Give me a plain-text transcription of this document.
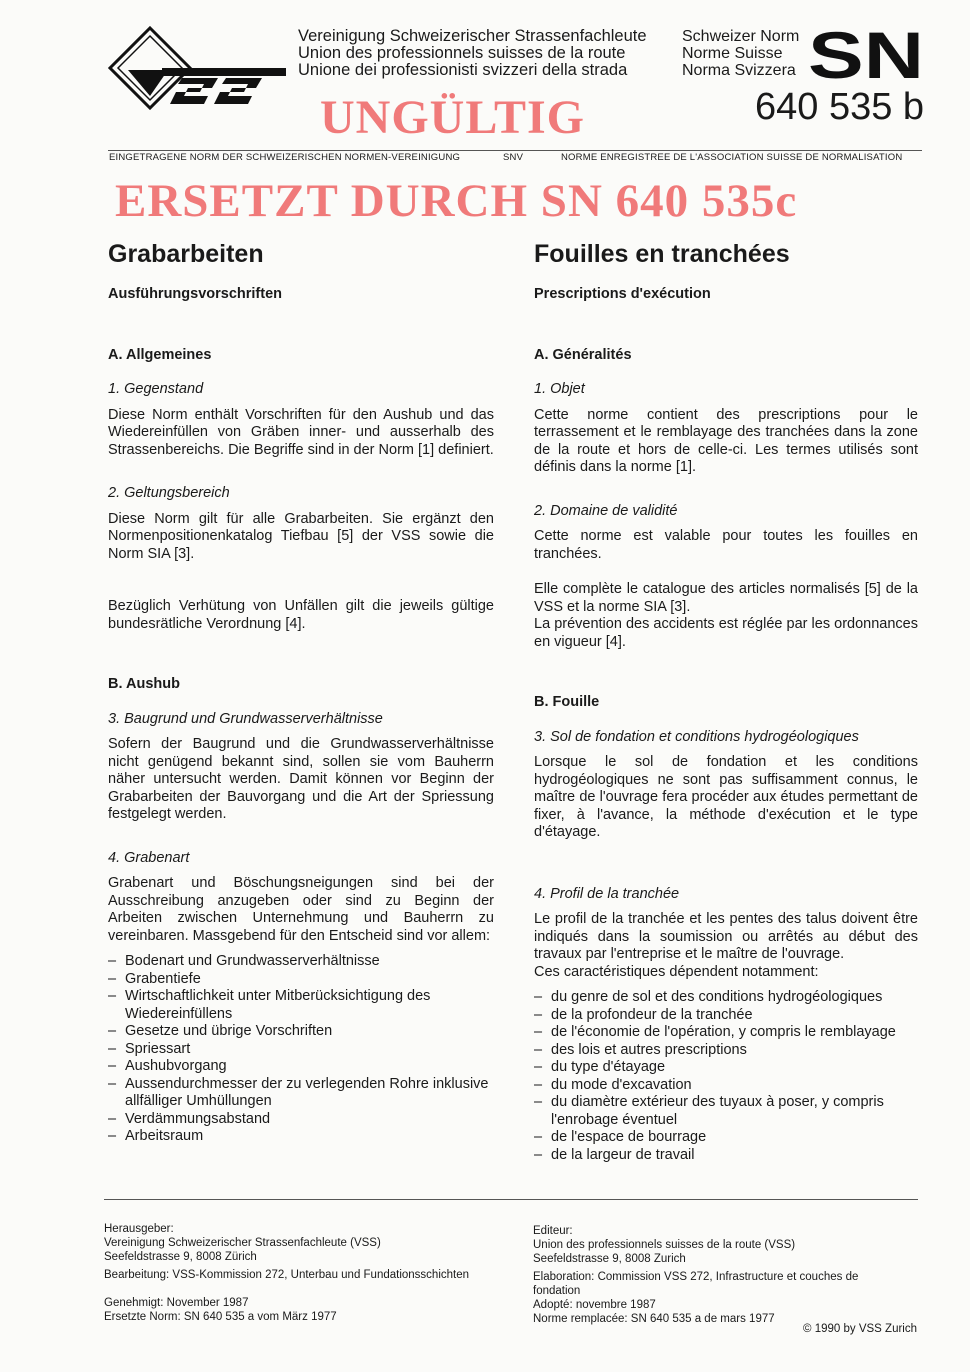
Vereinigung Schweizerischer Strassenfachleute
Union des professionnels suisses de la route
Unione dei professionisti svizzeri della strada
Schweizer Norm
Norme Suisse
Norma Svizzera SN
UNGÜLTIG	640 535 b
EINGETRAGENE NORM DER SCHWEIZERISCHEN NORMEN-VEREINIGUNG	SNV	NORME ENREGISTREE DE L'ASSOCIATION SUISSE DE NORMALISATION
ERSETZT DURCH SN 640 535c
Grabarbeiten
Ausführungsvorschriften
A. Allgemeines
1. Gegenstand

Diese Norm enthält Vorschriften für den Aushub und das Wiedereinfüllen von Gräben inner- und ausserhalb des Strassenbereichs. Die Begriffe sind in der Norm [1] definiert.

2. Geltungsbereich

Diese Norm gilt für alle Grabarbeiten. Sie ergänzt den Normenpositionenkatalog Tiefbau [5] der VSS sowie die Norm SIA [3].

Bezüglich Verhütung von Unfällen gilt die jeweils gültige bundesrätliche Verordnung [4].

B. Aushub
3. Baugrund und Grundwasserverhältnisse

Sofern der Baugrund und die Grundwasserverhältnisse nicht genügend bekannt sind, sollen sie vom Bauherrn näher untersucht werden. Damit können vor Beginn der Grabarbeiten der Bauvorgang und die Art der Spriessung festgelegt werden.

4. Grabenart

Grabenart und Böschungsneigungen sind bei der Ausschreibung anzugeben oder sind zu Beginn der Arbeiten zwischen Unternehmung und Bauherrn zu vereinbaren. Massgebend für den Entscheid sind vor allem:

– Bodenart und Grundwasserverhältnisse
– Grabentiefe
– Wirtschaftlichkeit unter Mitberücksichtigung des Wiedereinfüllens
– Gesetze und übrige Vorschriften
– Spriessart
– Aushubvorgang
– Aussendurchmesser der zu verlegenden Rohre inklusive allfälliger Umhüllungen
– Verdämmungsabstand
– Arbeitsraum
Fouilles en tranchées
Prescriptions d'exécution
A. Généralités
1. Objet

Cette norme contient des prescriptions pour le terrassement et le remblayage des tranchées dans la zone de la route et hors de celle-ci. Les termes utilisés sont définis dans la norme [1].

2. Domaine de validité

Cette norme est valable pour toutes les fouilles en tranchées.

Elle complète le catalogue des articles normalisés [5] de la VSS et la norme SIA [3].

La prévention des accidents est réglée par les ordonnances en vigueur [4].

B. Fouille
3. Sol de fondation et conditions hydrogéologiques

Lorsque le sol de fondation et les conditions hydrogéologiques ne sont pas suffisamment connus, le maître de l'ouvrage fera procéder aux études permettant de fixer, à l'avance, la méthode d'exécution et le type d'étayage.

4. Profil de la tranchée

Le profil de la tranchée et les pentes des talus doivent être indiqués dans la soumission ou arrêtés au début des travaux par l'entreprise et le maître de l'ouvrage.

Ces caractéristiques dépendent notamment:

– du genre de sol et des conditions hydrogéologiques
– de la profondeur de la tranchée
– de l'économie de l'opération, y compris le remblayage
– des lois et autres prescriptions
– du type d'étayage
– du mode d'excavation
– du diamètre extérieur des tuyaux à poser, y compris l'enrobage éventuel
– de l'espace de bourrage
– de la largeur de travail
Herausgeber:
Vereinigung Schweizerischer Strassenfachleute (VSS)
Seefeldstrasse 9, 8008 Zürich
Bearbeitung: VSS-Kommission 272, Unterbau und Fundationsschichten
Genehmigt: November 1987
Ersetzte Norm: SN 640 535 a vom März 1977
Editeur:
Union des professionnels suisses de la route (VSS)
Seefeldstrasse 9, 8008 Zurich
Elaboration: Commission VSS 272, Infrastructure et couches de fondation
Adopté: novembre 1987
Norme remplacée: SN 640 535 a de mars 1977
© 1990 by VSS Zurich
